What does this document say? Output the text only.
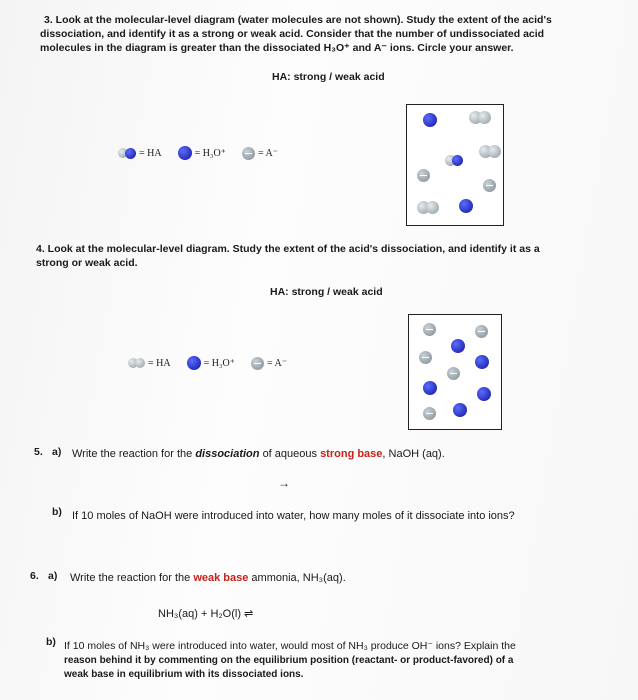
3. Look at the molecular-level diagram (water molecules are not shown). Study the extent of the acid's
dissociation, and identify it as a strong or weak acid. Consider that the number of undissociated acid
molecules in the diagram is greater than the dissociated H₃O⁺ and A⁻ ions. Circle your answer.
HA: strong / weak acid
= HA	= H₃O⁺	= A⁻
4. Look at the molecular-level diagram. Study the extent of the acid's dissociation, and identify it as a
strong or weak acid.
HA: strong / weak acid
= HA	= H₃O⁺	= A⁻
5. a) Write the reaction for the dissociation of aqueous strong base, NaOH (aq).
→
b) If 10 moles of NaOH were introduced into water, how many moles of it dissociate into ions?
6. a) Write the reaction for the weak base ammonia, NH₃(aq).
NH₃(aq) + H₂O(l) ⇌
b) If 10 moles of NH₃ were introduced into water, would most of NH₃ produce OH⁻ ions? Explain the
reason behind it by commenting on the equilibrium position (reactant- or product-favored) of a
weak base in equilibrium with its dissociated ions.
